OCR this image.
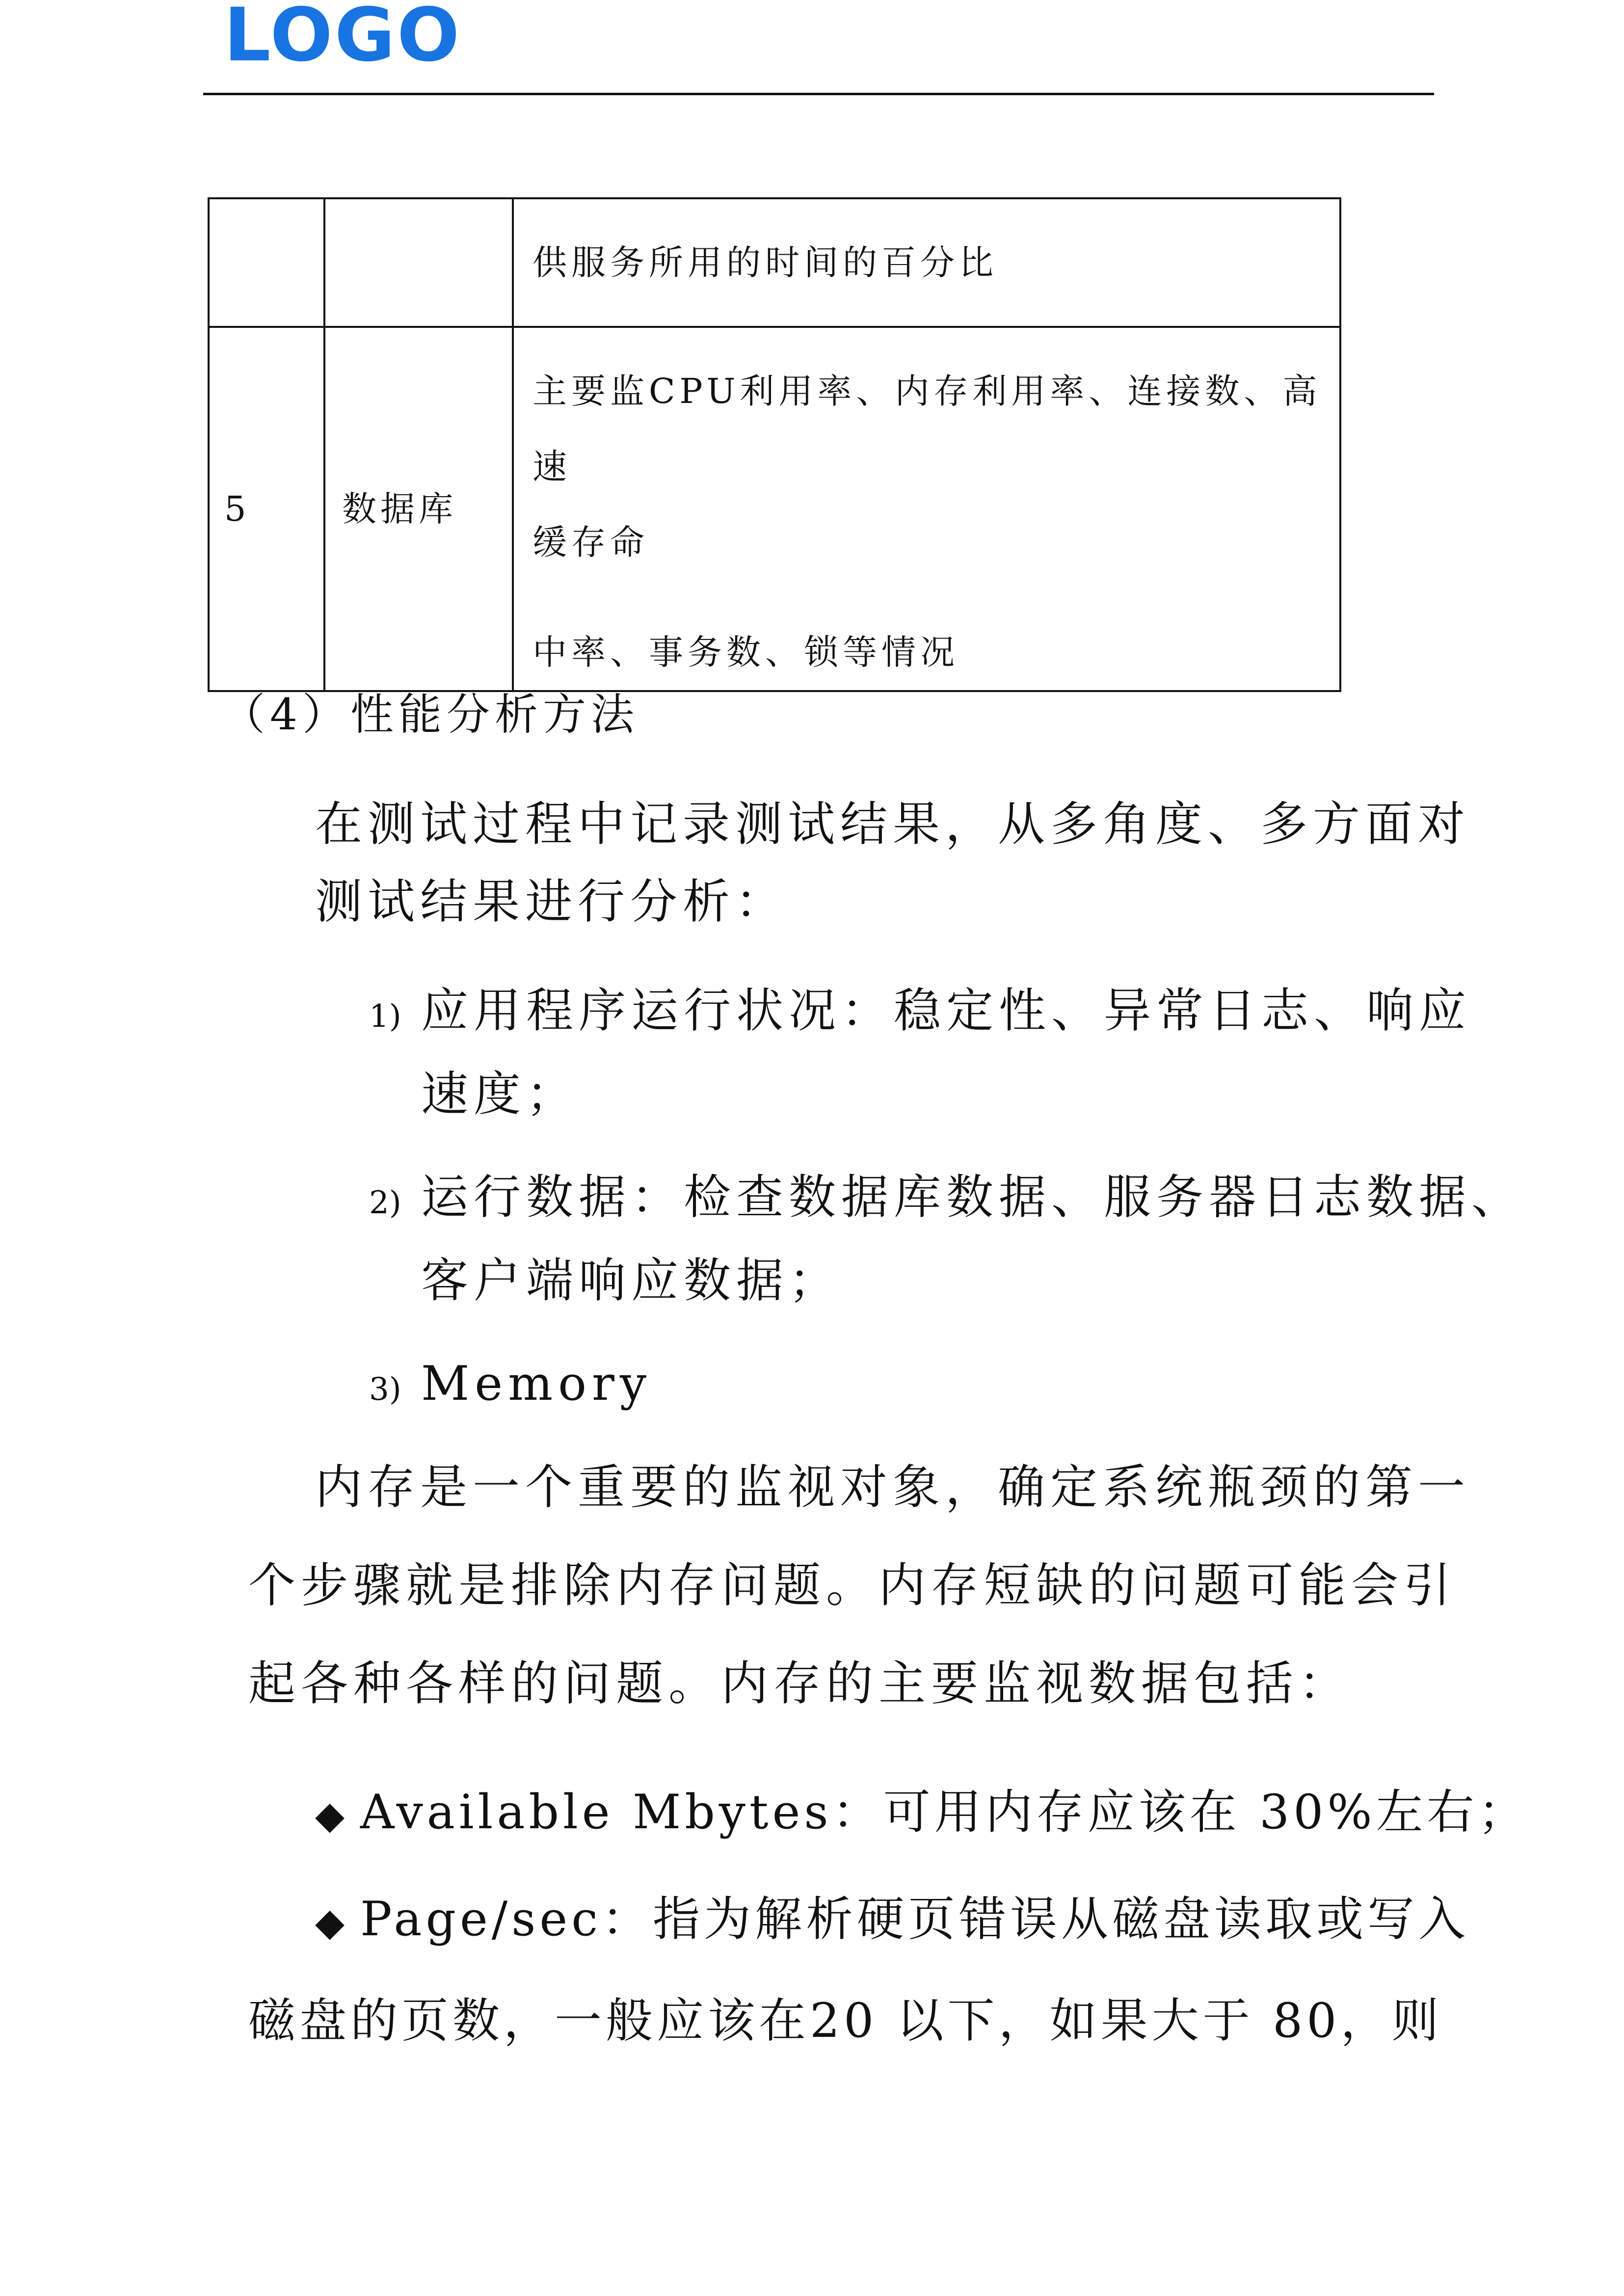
LOGO

		供服务所用的时间的百分比

5	数据库	主要监CPU利用率、内存利用率、连接数、高速

缓存命

中率、事务数、锁等情况

（4）性能分析方法
在测试过程中记录测试结果，从多角度、多方面对
测试结果进行分析：
1) 应用程序运行状况：稳定性、异常日志、响应
速度；
2) 运行数据：检查数据库数据、服务器日志数据、
客户端响应数据；
3) Memory
内存是一个重要的监视对象，确定系统瓶颈的第一
个步骤就是排除内存问题。内存短缺的问题可能会引
起各种各样的问题。内存的主要监视数据包括：
◆ Available Mbytes：可用内存应该在 30%左右；
◆ Page/sec：指为解析硬页错误从磁盘读取或写入
磁盘的页数，一般应该在20 以下，如果大于 80，则
